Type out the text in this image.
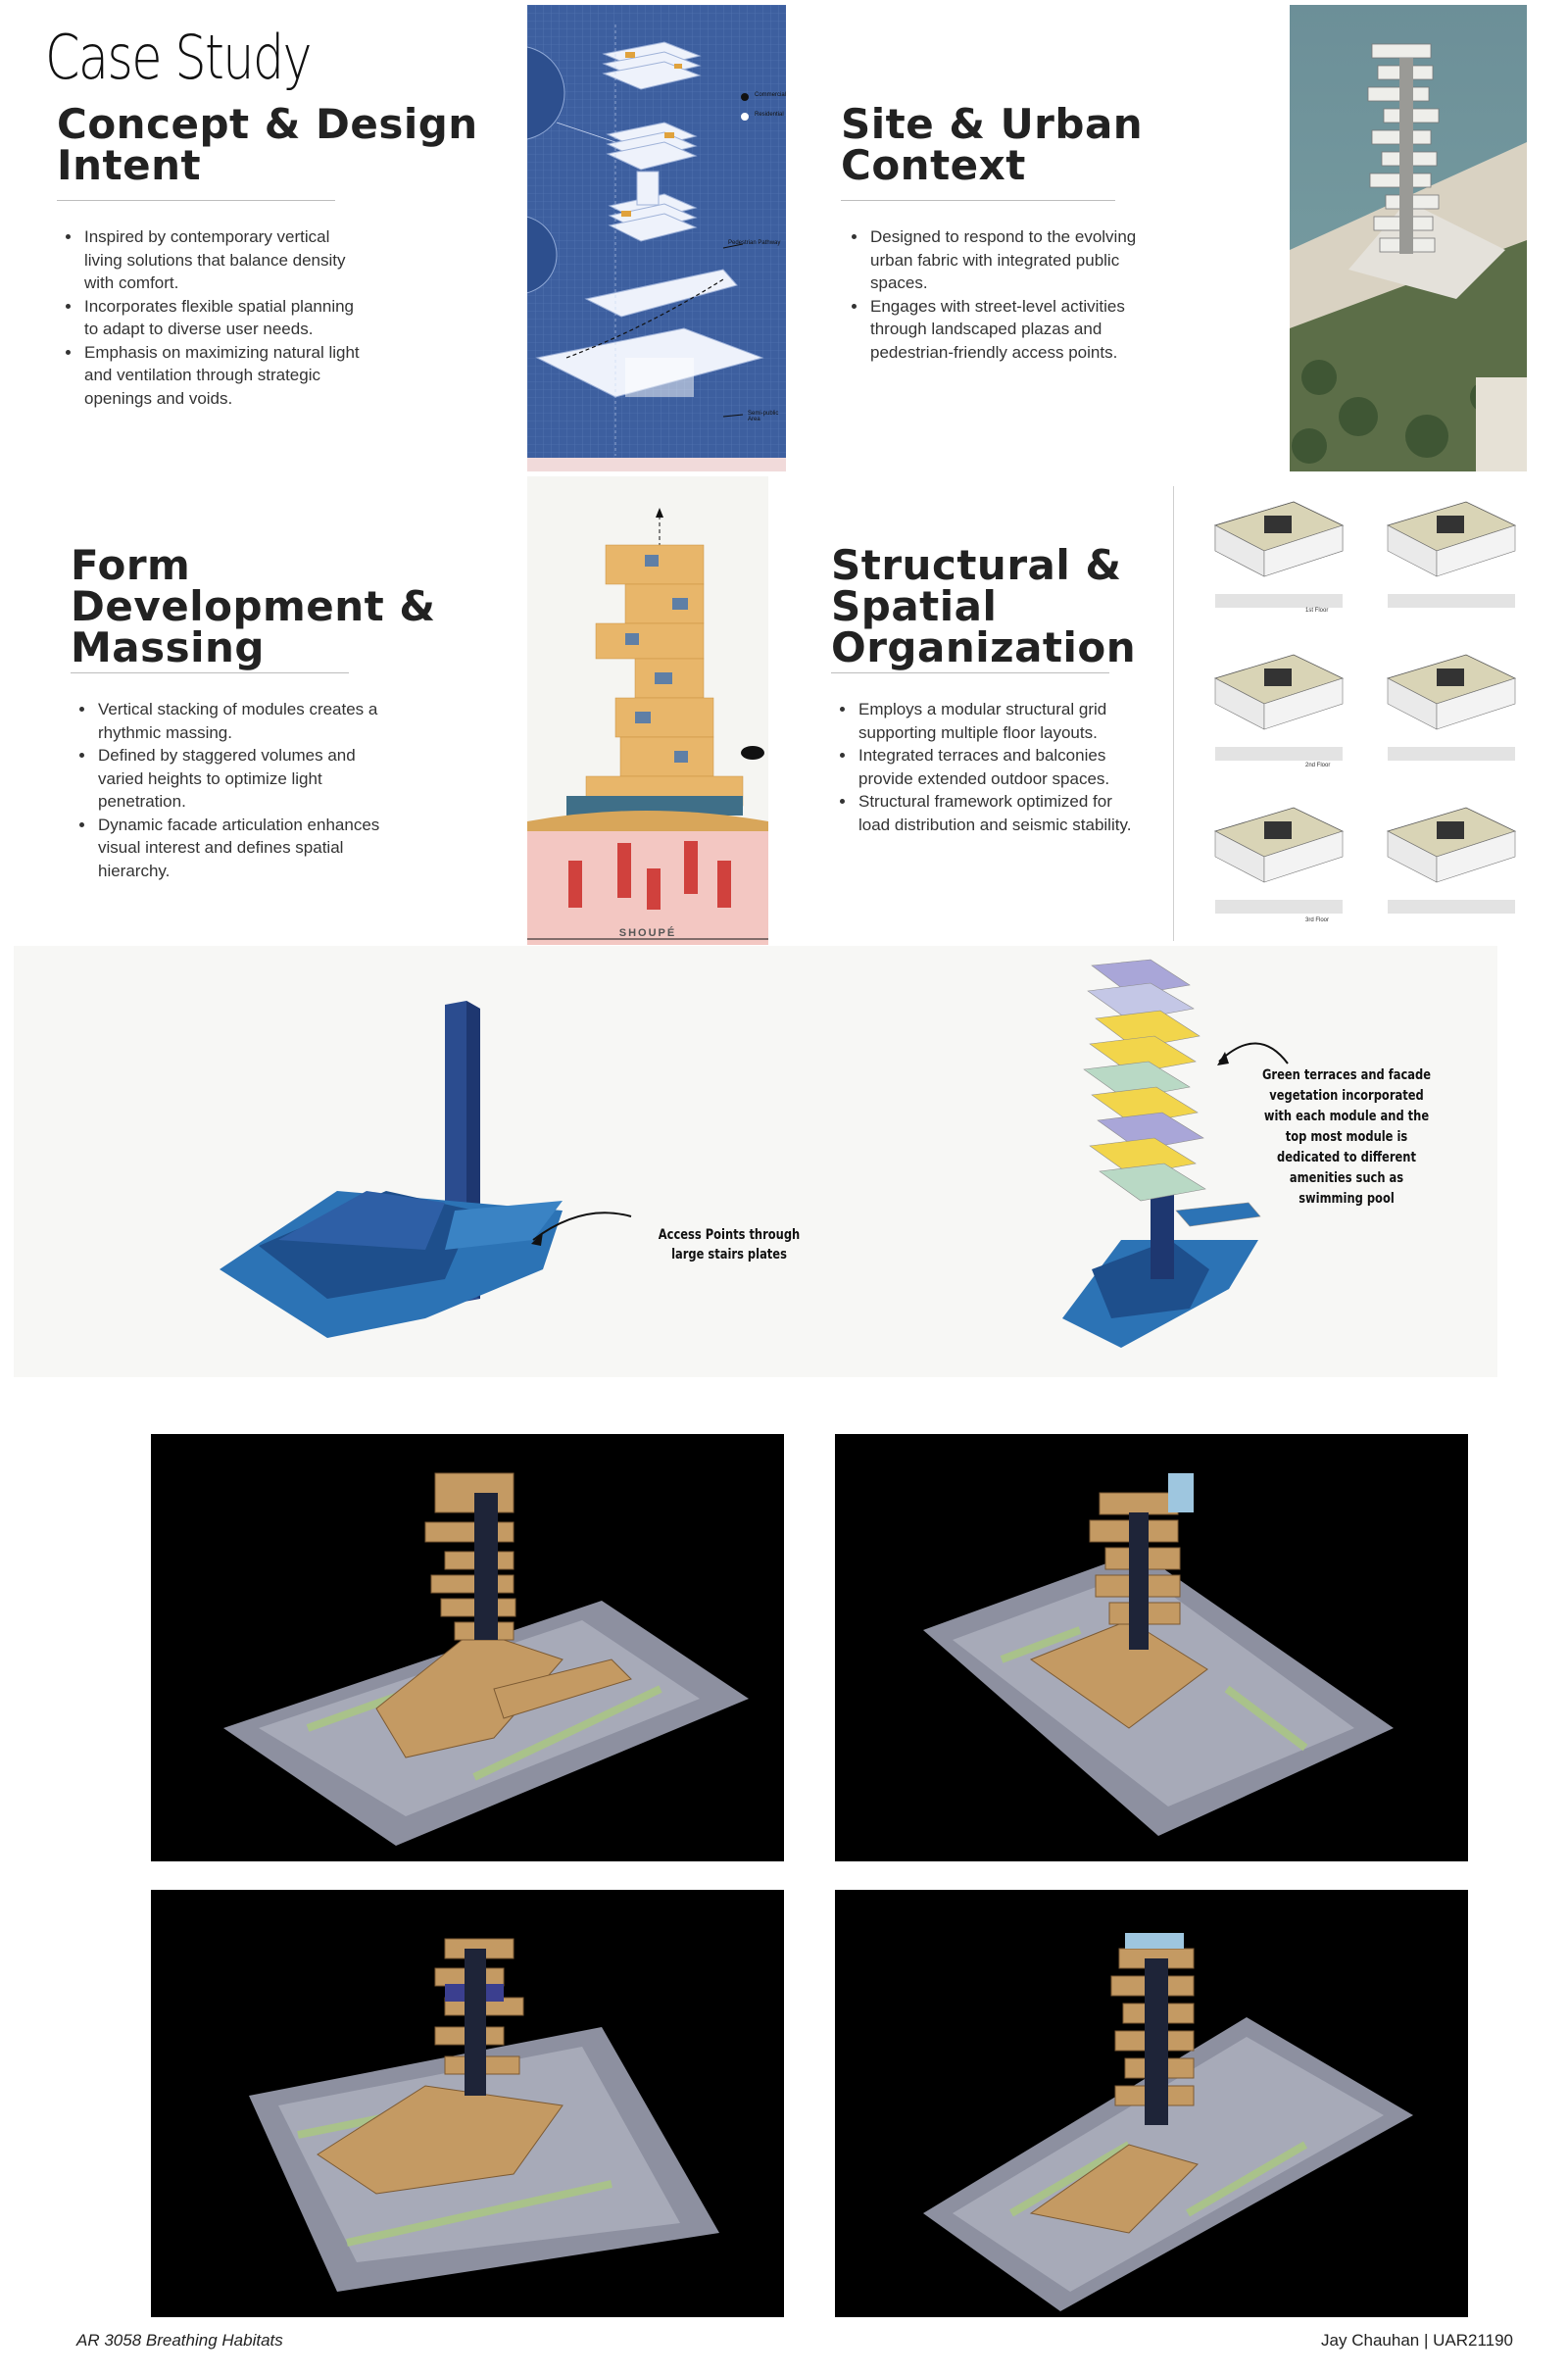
Case Study
Concept & Design
Intent
• Inspired by contemporary vertical living solutions that balance density with comfort.
• Incorporates flexible spatial planning to adapt to diverse user needs.
• Emphasis on maximizing natural light and ventilation through strategic openings and voids.
Commercial
Residential
Pedestrian Pathway
Semi-public Area
Site & Urban
Context
• Designed to respond to the evolving urban fabric with integrated public spaces.
• Engages with street-level activities through landscaped plazas and pedestrian-friendly access points.
Form
Development &
Massing
• Vertical stacking of modules creates a rhythmic massing.
• Defined by staggered volumes and varied heights to optimize light penetration.
• Dynamic facade articulation enhances visual interest and defines spatial hierarchy.
SHOUPÉ
Structural &
Spatial
Organization
• Employs a modular structural grid supporting multiple floor layouts.
• Integrated terraces and balconies provide extended outdoor spaces.
• Structural framework optimized for load distribution and seismic stability.
1st Floor
2nd Floor
3rd Floor
Access Points through
large stairs plates
Green terraces and facade
vegetation incorporated
with each module and the
top most module is
dedicated to different
amenities such as
swimming pool
AR 3058 Breathing Habitats	Jay Chauhan | UAR21190
